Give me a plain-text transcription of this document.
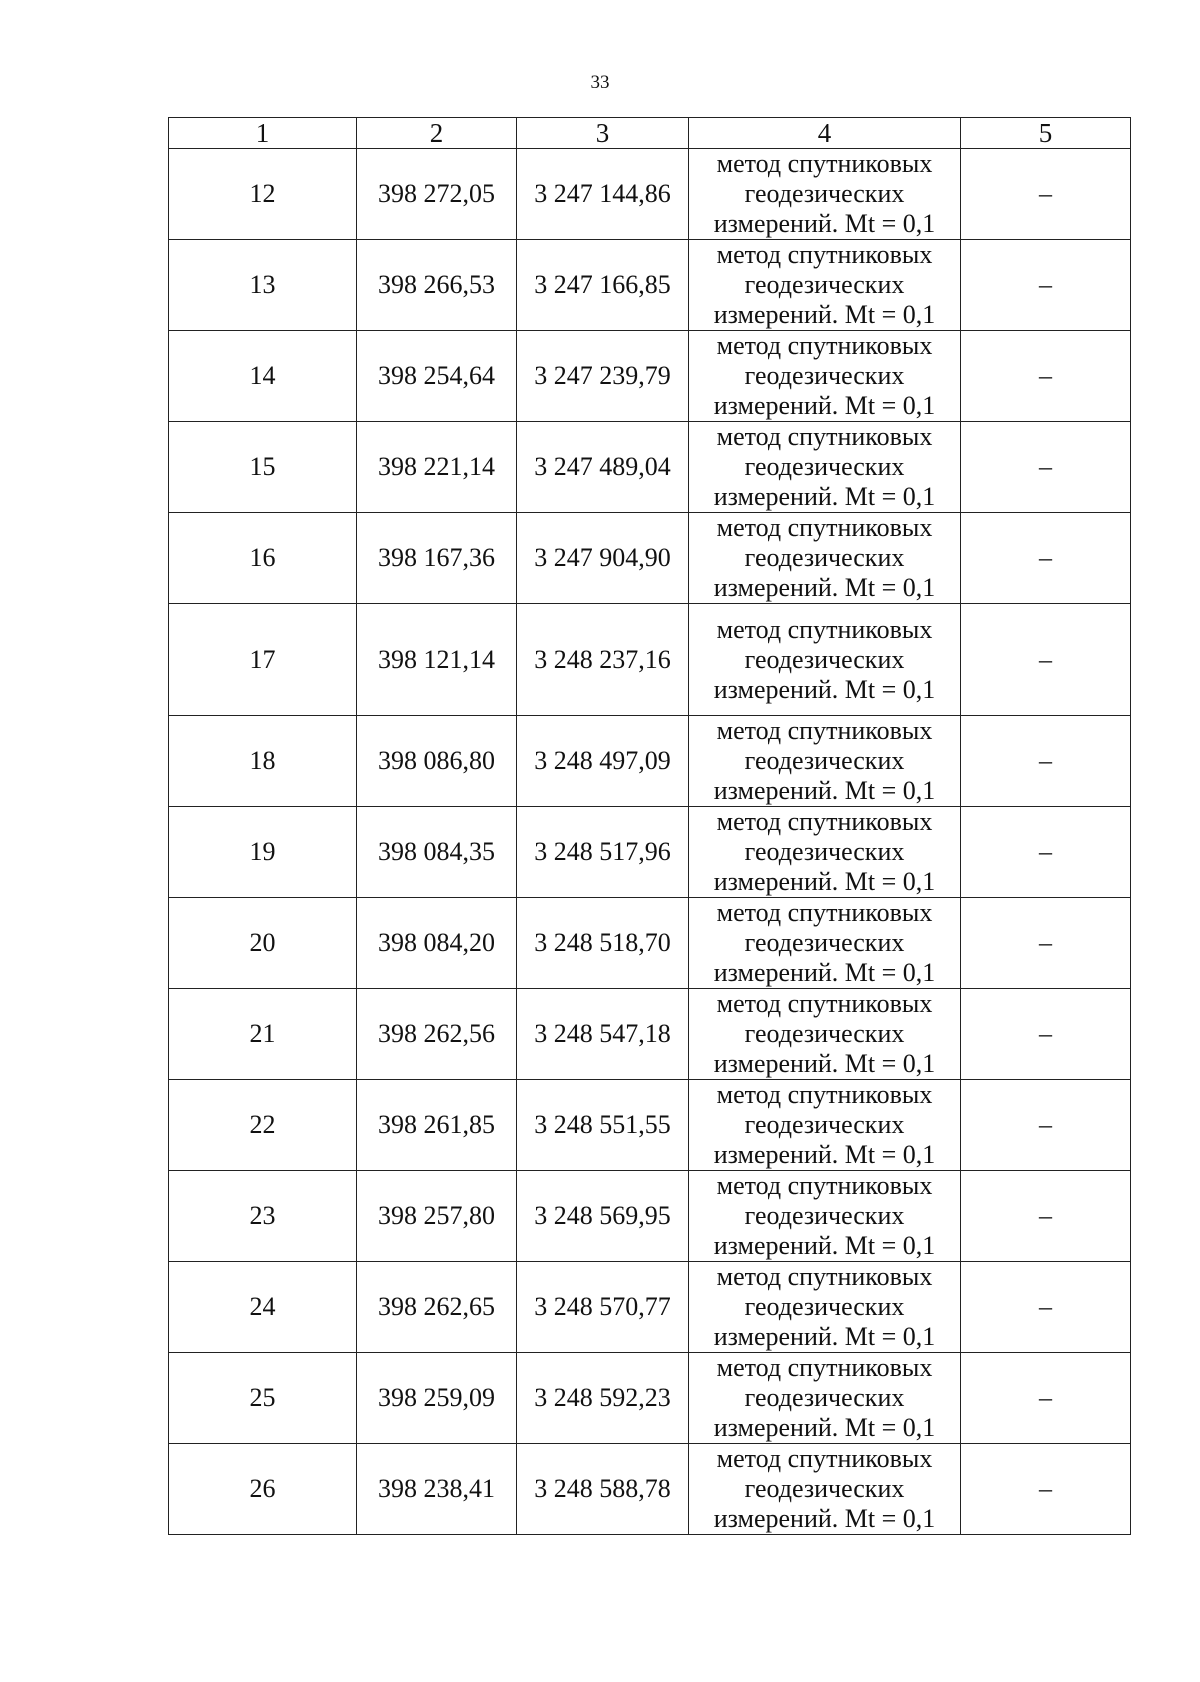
33
1	2	3	4	5
12	398 272,05	3 247 144,86	метод спутниковых геодезических измерений. Mt = 0,1	–
13	398 266,53	3 247 166,85	метод спутниковых геодезических измерений. Mt = 0,1	–
14	398 254,64	3 247 239,79	метод спутниковых геодезических измерений. Mt = 0,1	–
15	398 221,14	3 247 489,04	метод спутниковых геодезических измерений. Mt = 0,1	–
16	398 167,36	3 247 904,90	метод спутниковых геодезических измерений. Mt = 0,1	–
17	398 121,14	3 248 237,16	метод спутниковых геодезических измерений. Mt = 0,1	–
18	398 086,80	3 248 497,09	метод спутниковых геодезических измерений. Mt = 0,1	–
19	398 084,35	3 248 517,96	метод спутниковых геодезических измерений. Mt = 0,1	–
20	398 084,20	3 248 518,70	метод спутниковых геодезических измерений. Mt = 0,1	–
21	398 262,56	3 248 547,18	метод спутниковых геодезических измерений. Mt = 0,1	–
22	398 261,85	3 248 551,55	метод спутниковых геодезических измерений. Mt = 0,1	–
23	398 257,80	3 248 569,95	метод спутниковых геодезических измерений. Mt = 0,1	–
24	398 262,65	3 248 570,77	метод спутниковых геодезических измерений. Mt = 0,1	–
25	398 259,09	3 248 592,23	метод спутниковых геодезических измерений. Mt = 0,1	–
26	398 238,41	3 248 588,78	метод спутниковых геодезических измерений. Mt = 0,1	–
